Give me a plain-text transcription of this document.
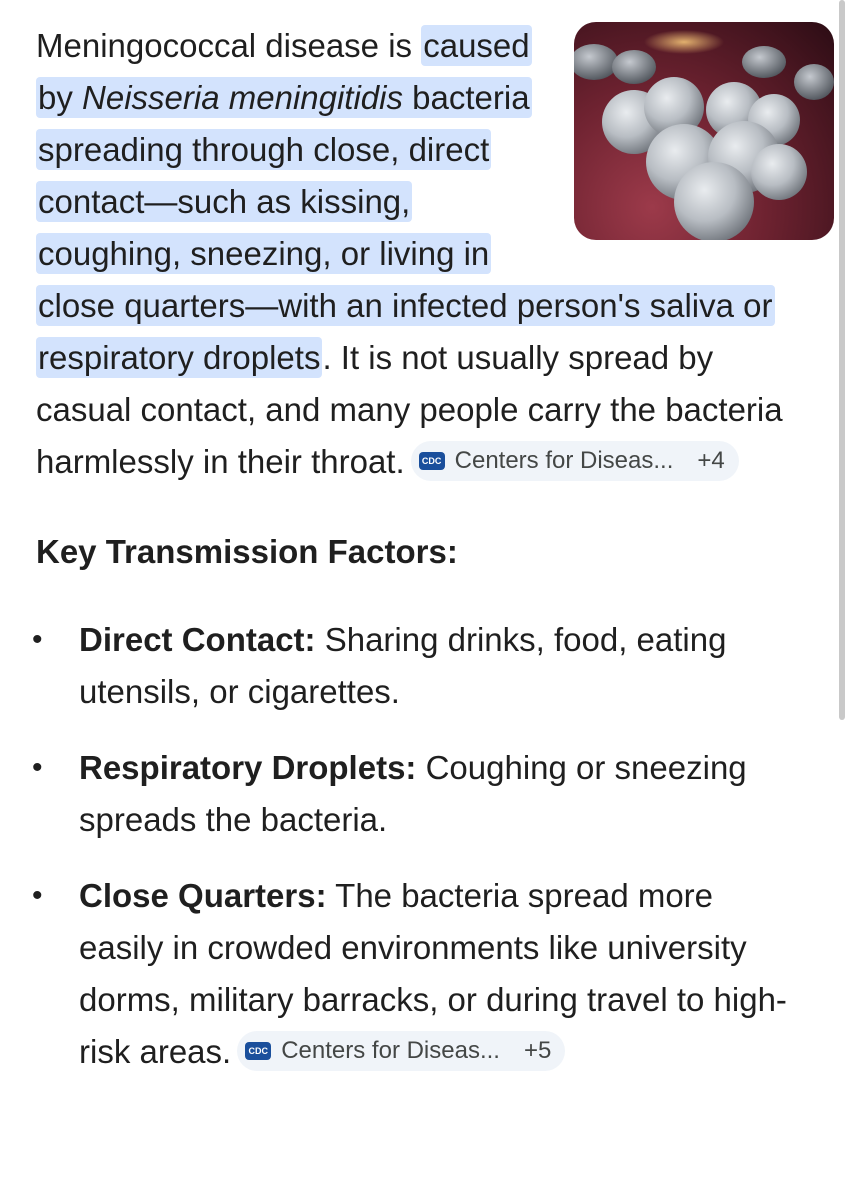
Meningococcal disease is caused by Neisseria meningitidis bacteria spreading through close, direct contact—such as kissing, coughing, sneezing, or living in close quarters—with an infected person's saliva or respiratory droplets. It is not usually spread by casual contact, and many people carry the bacteria harmlessly in their throat.	CDC Centers for Diseas... +4

Key Transmission Factors:
• Direct Contact: Sharing drinks, food, eating utensils, or cigarettes.
• Respiratory Droplets: Coughing or sneezing spreads the bacteria.
• Close Quarters: The bacteria spread more easily in crowded environments like university dorms, military barracks, or during travel to high-risk areas.	CDC Centers for Diseas... +5
